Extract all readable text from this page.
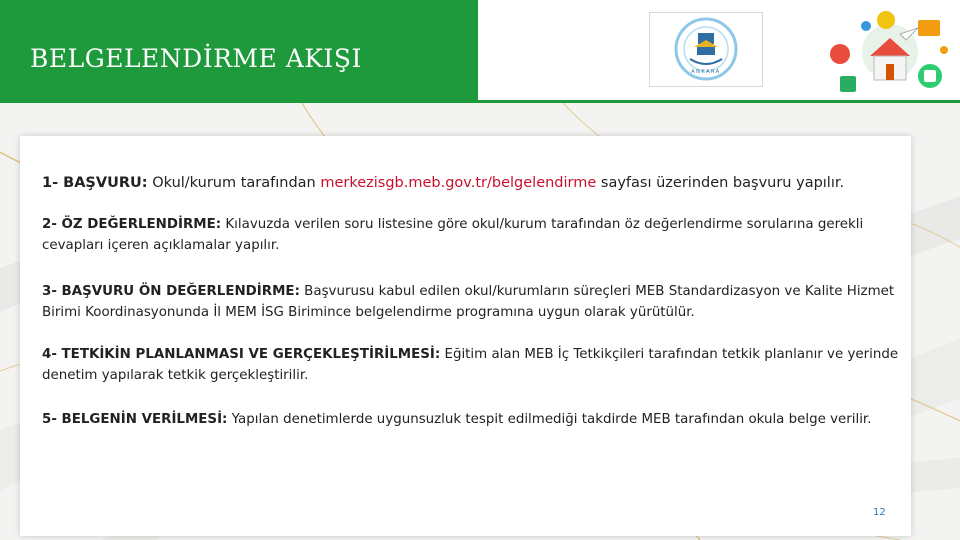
BELGELENDİRME AKIŞI	ANKARA
1- BAŞVURU: Okul/kurum tarafından merkezisgb.meb.gov.tr/belgelendirme sayfası üzerinden başvuru yapılır.
2- ÖZ DEĞERLENDİRME: Kılavuzda verilen soru listesine göre okul/kurum tarafından öz değerlendirme sorularına gerekli cevapları içeren açıklamalar yapılır.
3- BAŞVURU ÖN DEĞERLENDİRME: Başvurusu kabul edilen okul/kurumların süreçleri MEB Standardizasyon ve Kalite Hizmet Birimi Koordinasyonunda İl MEM İSG Birimince belgelendirme programına uygun olarak yürütülür.
4- TETKİKİN PLANLANMASI VE GERÇEKLEŞTİRİLMESİ: Eğitim alan MEB İç Tetkikçileri tarafından tetkik planlanır ve yerinde denetim yapılarak tetkik gerçekleştirilir.
5- BELGENİN VERİLMESİ: Yapılan denetimlerde uygunsuzluk tespit edilmediği takdirde MEB tarafından okula belge verilir.
12
